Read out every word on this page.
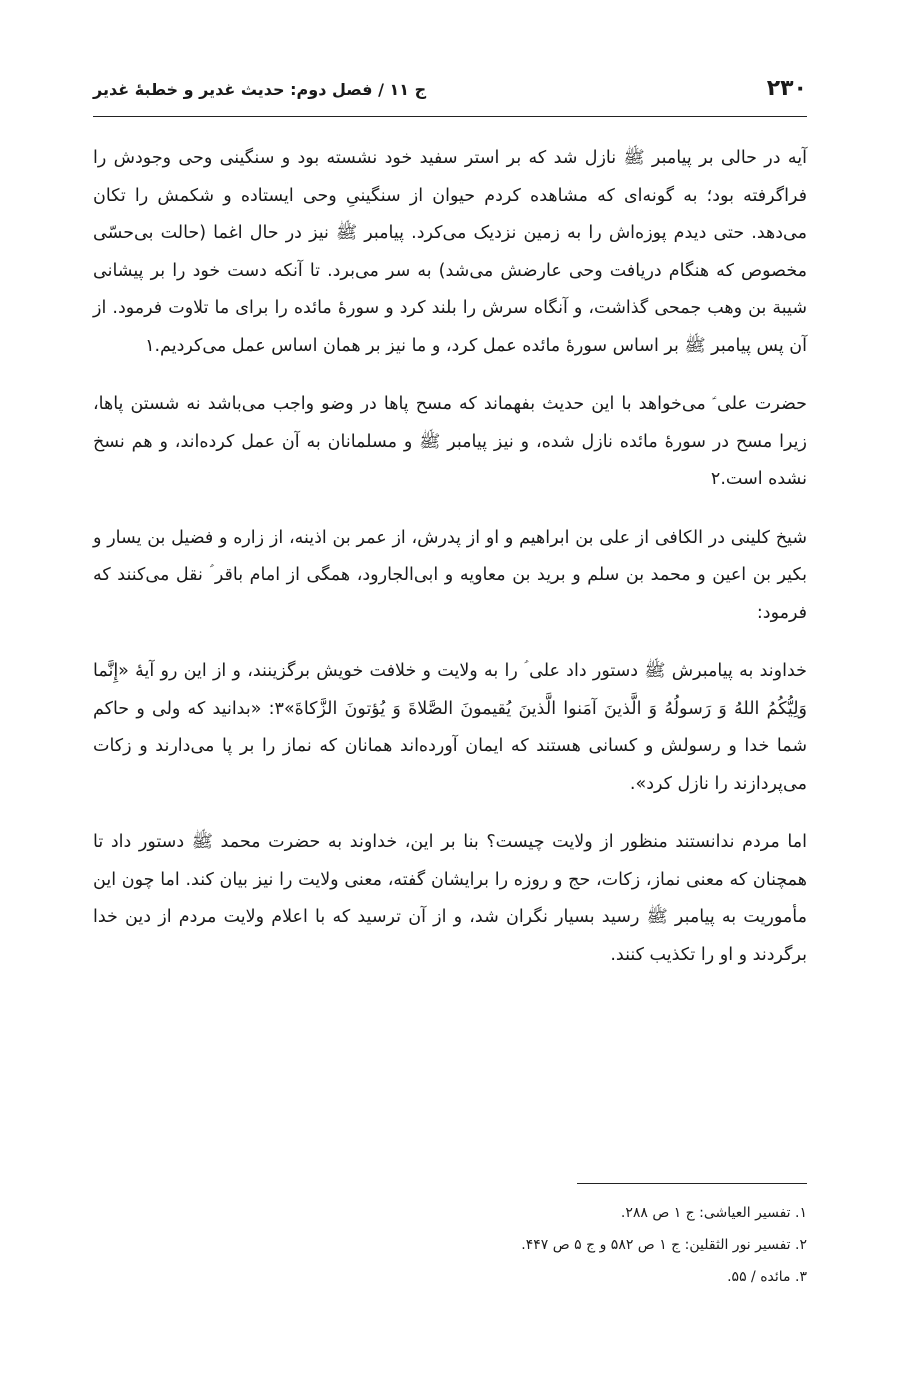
۲۳۰
ج ۱۱ / فصل دوم: حدیث غدیر و خطبهٔ غدیر

آیه در حالی بر پیامبر ﷺ نازل شد که بر استر سفید خود نشسته بود و سنگینی وحی وجودش را فراگرفته بود؛ به گونه‌ای که مشاهده کردم حیوان از سنگینیِ وحی ایستاده و شکمش را تکان می‌دهد. حتی دیدم پوزه‌اش را به زمین نزدیک می‌کرد. پیامبر ﷺ نیز در حال اغما (حالت بی‌حسّی مخصوص که هنگام دریافت وحی عارضش می‌شد) به سر می‌برد. تا آنکه دست خود را بر پیشانی شیبة بن وهب جمحی گذاشت، و آنگاه سرش را بلند کرد و سورهٔ مائده را برای ما تلاوت فرمود. از آن پس پیامبر ﷺ بر اساس سورهٔ مائده عمل کرد، و ما نیز بر همان اساس عمل می‌کردیم.۱

حضرت علی ؑ می‌خواهد با این حدیث بفهماند که مسح پاها در وضو واجب می‌باشد نه شستن پاها، زیرا مسح در سورهٔ مائده نازل شده، و نیز پیامبر ﷺ و مسلمانان به آن عمل کرده‌اند، و هم نسخ نشده است.۲

شیخ کلینی در الکافی از علی بن ابراهیم و او از پدرش، از عمر بن اذینه، از زاره و فضیل بن یسار و بکیر بن اعین و محمد بن سلم و برید بن معاویه و ابی‌الجارود، همگی از امام باقر ؑ نقل می‌کنند که فرمود:

خداوند به پیامبرش ﷺ دستور داد علی ؑ را به ولایت و خلافت خویش برگزینند، و از این رو آیهٔ «إِنَّما وَلِيُّكُمُ اللهُ وَ رَسولُهُ وَ الَّذينَ آمَنوا الَّذينَ يُقيمونَ الصَّلاةَ وَ يُؤتونَ الزَّكاةَ»۳: «بدانید که ولی و حاکم شما خدا و رسولش و کسانی هستند که ایمان آورده‌اند همانان که نماز را بر پا می‌دارند و زکات می‌پردازند را نازل کرد».

اما مردم ندانستند منظور از ولایت چیست؟ بنا بر این، خداوند به حضرت محمد ﷺ دستور داد تا همچنان که معنی نماز، زکات، حج و روزه را برایشان گفته، معنی ولایت را نیز بیان کند. اما چون این مأموریت به پیامبر ﷺ رسید بسیار نگران شد، و از آن ترسید که با اعلام ولایت مردم از دین خدا برگردند و او را تکذیب کنند.

۱. تفسیر العیاشی: ج ۱ ص ۲۸۸.
۲. تفسیر نور الثقلین: ج ۱ ص ۵۸۲ و ج ۵ ص ۴۴۷.
۳. مائده / ۵۵.
